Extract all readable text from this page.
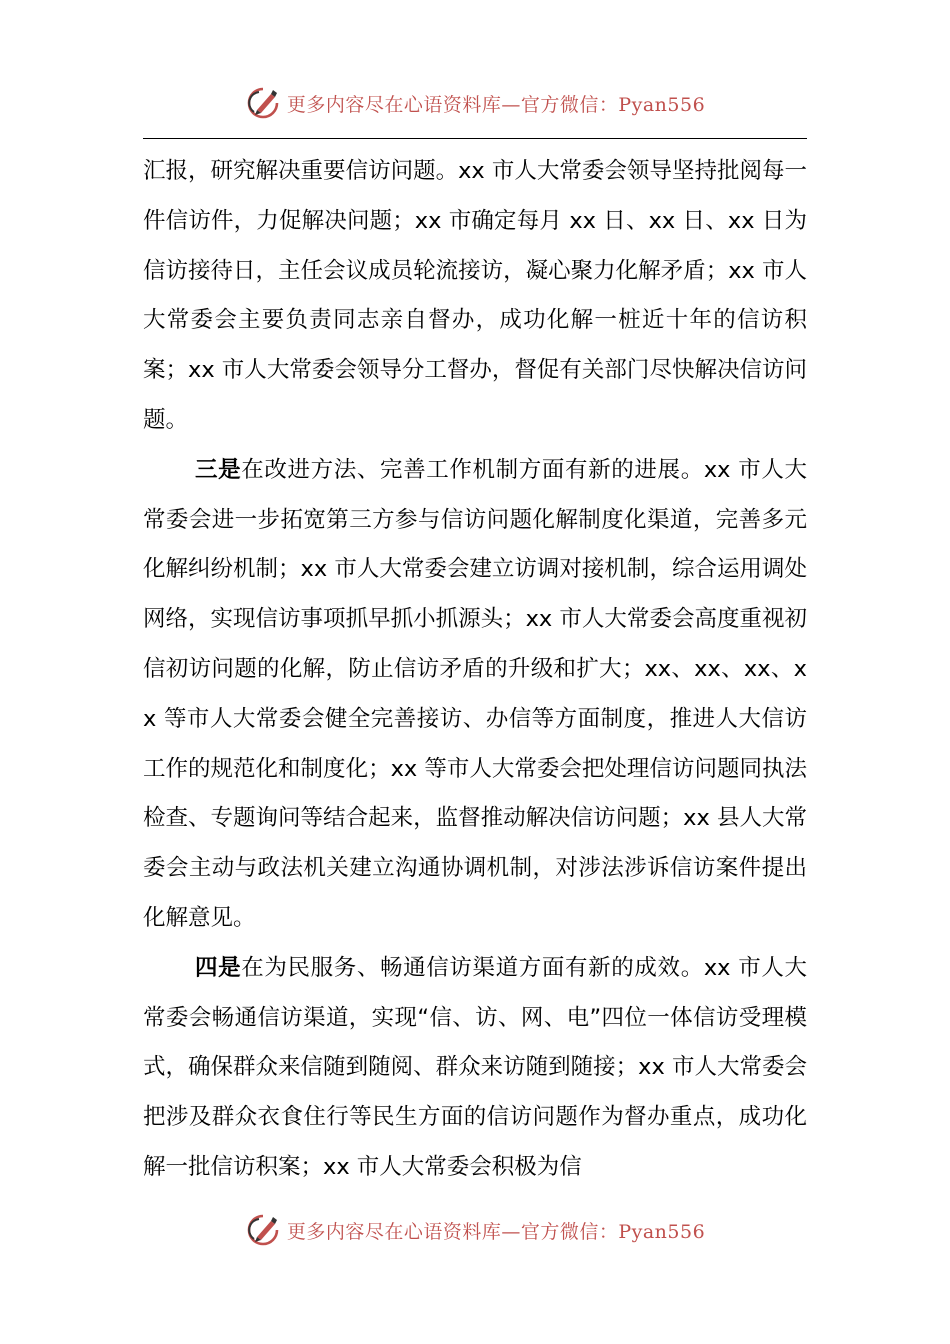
更多内容尽在心语资料库—官方微信：Pyan556

汇报，研究解决重要信访问题。xx 市人大常委会领导坚持批阅每一件信访件，力促解决问题；xx 市确定每月 xx 日、xx 日、xx 日为信访接待日，主任会议成员轮流接访，凝心聚力化解矛盾；xx 市人大常委会主要负责同志亲自督办，成功化解一桩近十年的信访积案；xx 市人大常委会领导分工督办，督促有关部门尽快解决信访问题。

三是在改进方法、完善工作机制方面有新的进展。xx 市人大常委会进一步拓宽第三方参与信访问题化解制度化渠道，完善多元化解纠纷机制；xx 市人大常委会建立访调对接机制，综合运用调处网络，实现信访事项抓早抓小抓源头；xx 市人大常委会高度重视初信初访问题的化解，防止信访矛盾的升级和扩大；xx、xx、xx、xx 等市人大常委会健全完善接访、办信等方面制度，推进人大信访工作的规范化和制度化；xx 等市人大常委会把处理信访问题同执法检查、专题询问等结合起来，监督推动解决信访问题；xx 县人大常委会主动与政法机关建立沟通协调机制，对涉法涉诉信访案件提出化解意见。

四是在为民服务、畅通信访渠道方面有新的成效。xx 市人大常委会畅通信访渠道，实现“信、访、网、电”四位一体信访受理模式，确保群众来信随到随阅、群众来访随到随接；xx 市人大常委会把涉及群众衣食住行等民生方面的信访问题作为督办重点，成功化解一批信访积案；xx 市人大常委会积极为信

更多内容尽在心语资料库—官方微信：Pyan556
